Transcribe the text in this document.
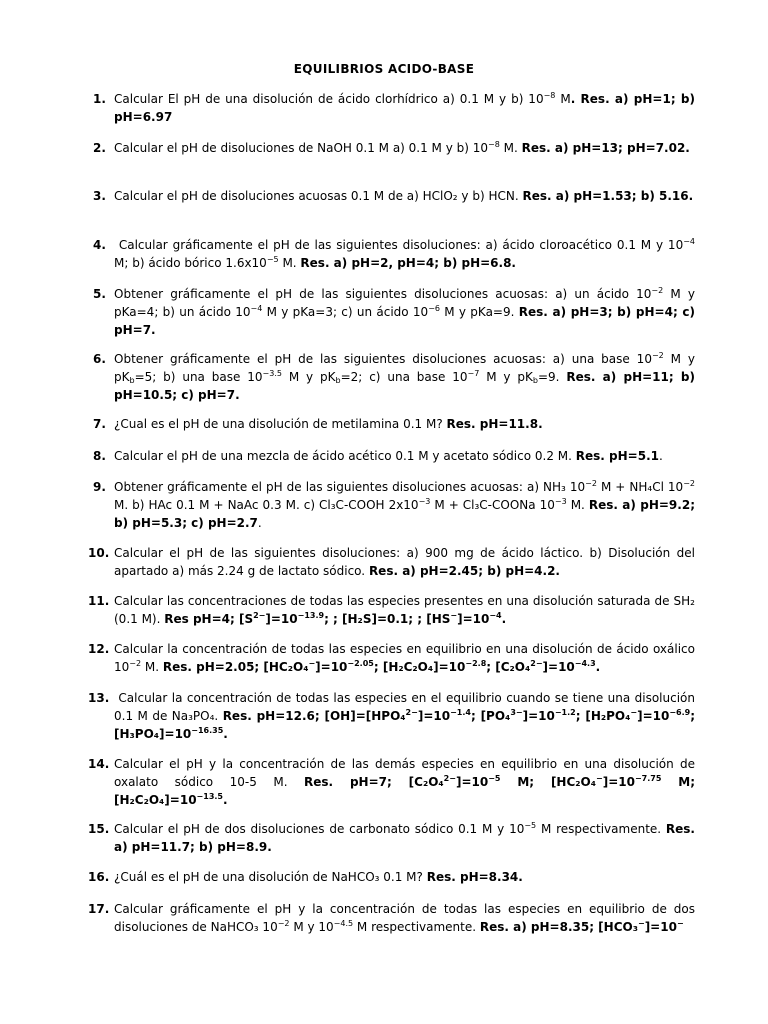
EQUILIBRIOS ACIDO-BASE
1. Calcular El pH de una disolución de ácido clorhídrico a) 0.1 M y b) $10^{-8}$ M. Res. a) pH=1; b) pH=6.97
2. Calcular el pH de disoluciones de NaOH 0.1 M a) 0.1 M y b) $10^{-8}$ M. Res. a) pH=13; pH=7.02.
3. Calcular el pH de disoluciones acuosas 0.1 M de a) HClO₂ y b) HCN. Res. a) pH=1.53; b) 5.16.
4. Calcular gráficamente el pH de las siguientes disoluciones: a) ácido cloroacético 0.1 M y $10^{-4}$ M; b) ácido bórico $1.6x10^{-5}$ M. Res. a) pH=2, pH=4; b) pH=6.8.
5. Obtener gráficamente el pH de las siguientes disoluciones acuosas: a) un ácido $10^{-2}$ M y pKa=4; b) un ácido $10^{-4}$ M y pKa=3; c) un ácido $10^{-6}$ M y pKa=9. Res. a) pH=3; b) pH=4; c) pH=7.
6. Obtener gráficamente el pH de las siguientes disoluciones acuosas: a) una base $10^{-2}$ M y $pK_b=5$; b) una base $10^{-3.5}$ M y $pK_b=2$; c) una base $10^{-7}$ M y $pK_b=9$. Res. a) pH=11; b) pH=10.5; c) pH=7.
7. ¿Cual es el pH de una disolución de metilamina 0.1 M? Res. pH=11.8.
8. Calcular el pH de una mezcla de ácido acético 0.1 M y acetato sódico 0.2 M. Res. pH=5.1.
9. Obtener gráficamente el pH de las siguientes disoluciones acuosas: a) NH₃ $10^{-2}$ M + NH₄Cl $10^{-2}$ M. b) HAc 0.1 M + NaAc 0.3 M. c) Cl₃C-COOH $2x10^{-3}$ M + Cl₃C-COONa $10^{-3}$ M. Res. a) pH=9.2; b) pH=5.3; c) pH=2.7.
10. Calcular el pH de las siguientes disoluciones: a) 900 mg de ácido láctico. b) Disolución del apartado a) más 2.24 g de lactato sódico. Res. a) pH=2.45; b) pH=4.2.
11. Calcular las concentraciones de todas las especies presentes en una disolución saturada de SH₂ (0.1 M). Res pH=4; $[S^{2-}]=10^{-13.9}$; ; [H₂S]=0.1; ; $[HS^-]=10^{-4}$.
12. Calcular la concentración de todas las especies en equilibrio en una disolución de ácido oxálico $10^{-2}$ M. Res. pH=2.05; $[HC_2O_4^-]=10^{-2.05}$; $[H_2C_2O_4]=10^{-2.8}$; $[C_2O_4^{2-}]=10^{-4.3}$.
13. Calcular la concentración de todas las especies en el equilibrio cuando se tiene una disolución 0.1 M de Na₃PO₄. Res. pH=12.6; $[OH]=[HPO_4^{2-}]=10^{-1.4}$; $[PO_4^{3-}]=10^{-1.2}$; $[H_2PO_4^-]=10^{-6.9}$; $[H_3PO_4]=10^{-16.35}$.
14. Calcular el pH y la concentración de las demás especies en equilibrio en una disolución de oxalato sódico 10-5 M. Res. pH=7; $[C_2O_4^{2-}]=10^{-5}$ M; $[HC_2O_4^-]=10^{-7.75}$ M; $[H_2C_2O_4]=10^{-13.5}$.
15. Calcular el pH de dos disoluciones de carbonato sódico 0.1 M y $10^{-5}$ M respectivamente. Res. a) pH=11.7; b) pH=8.9.
16. ¿Cuál es el pH de una disolución de NaHCO₃ 0.1 M? Res. pH=8.34.
17. Calcular gráficamente el pH y la concentración de todas las especies en equilibrio de dos disoluciones de NaHCO₃ $10^{-2}$ M y $10^{-4.5}$ M respectivamente. Res. a) pH=8.35; [HCO₃−]=10−
